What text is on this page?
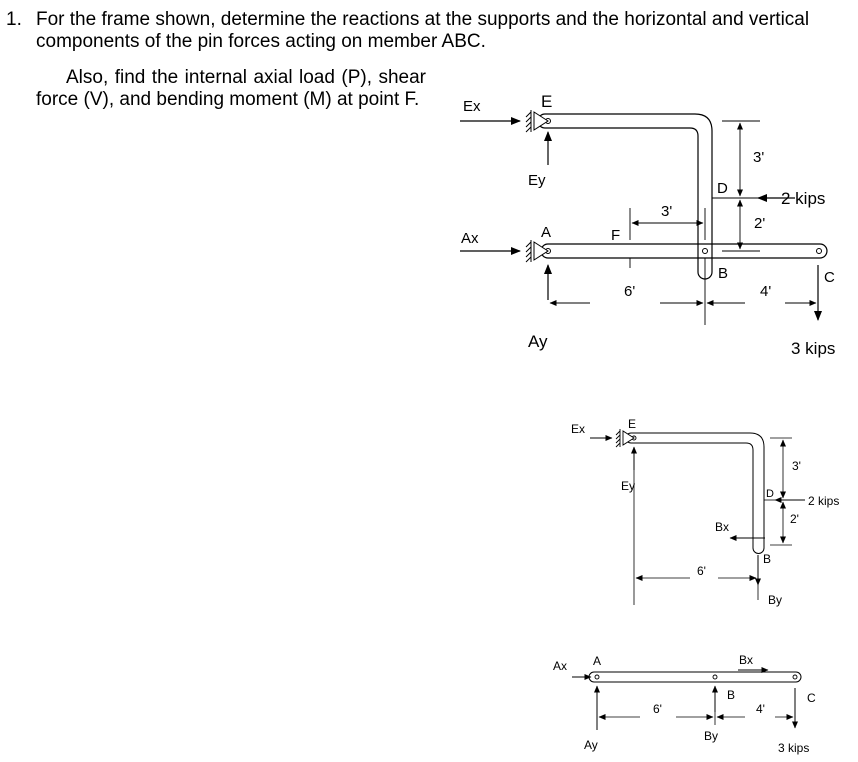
1. For the frame shown, determine the reactions at the supports and the horizontal and vertical components of the pin forces acting on member ABC.
Also, find the internal axial load (P), shear force (V), and bending moment (M) at point F.	E
Ex
Ey
A
Ax
Ay
F
D
B	C
3'
3'
2'
6'	4'
2 kips
3 kips
E
Ex
Ey
D
B
Bx
By
3'
2'
6'
2 kips
A
Ax
Ay
B
Bx
By
C
6'	4'
3 kips
